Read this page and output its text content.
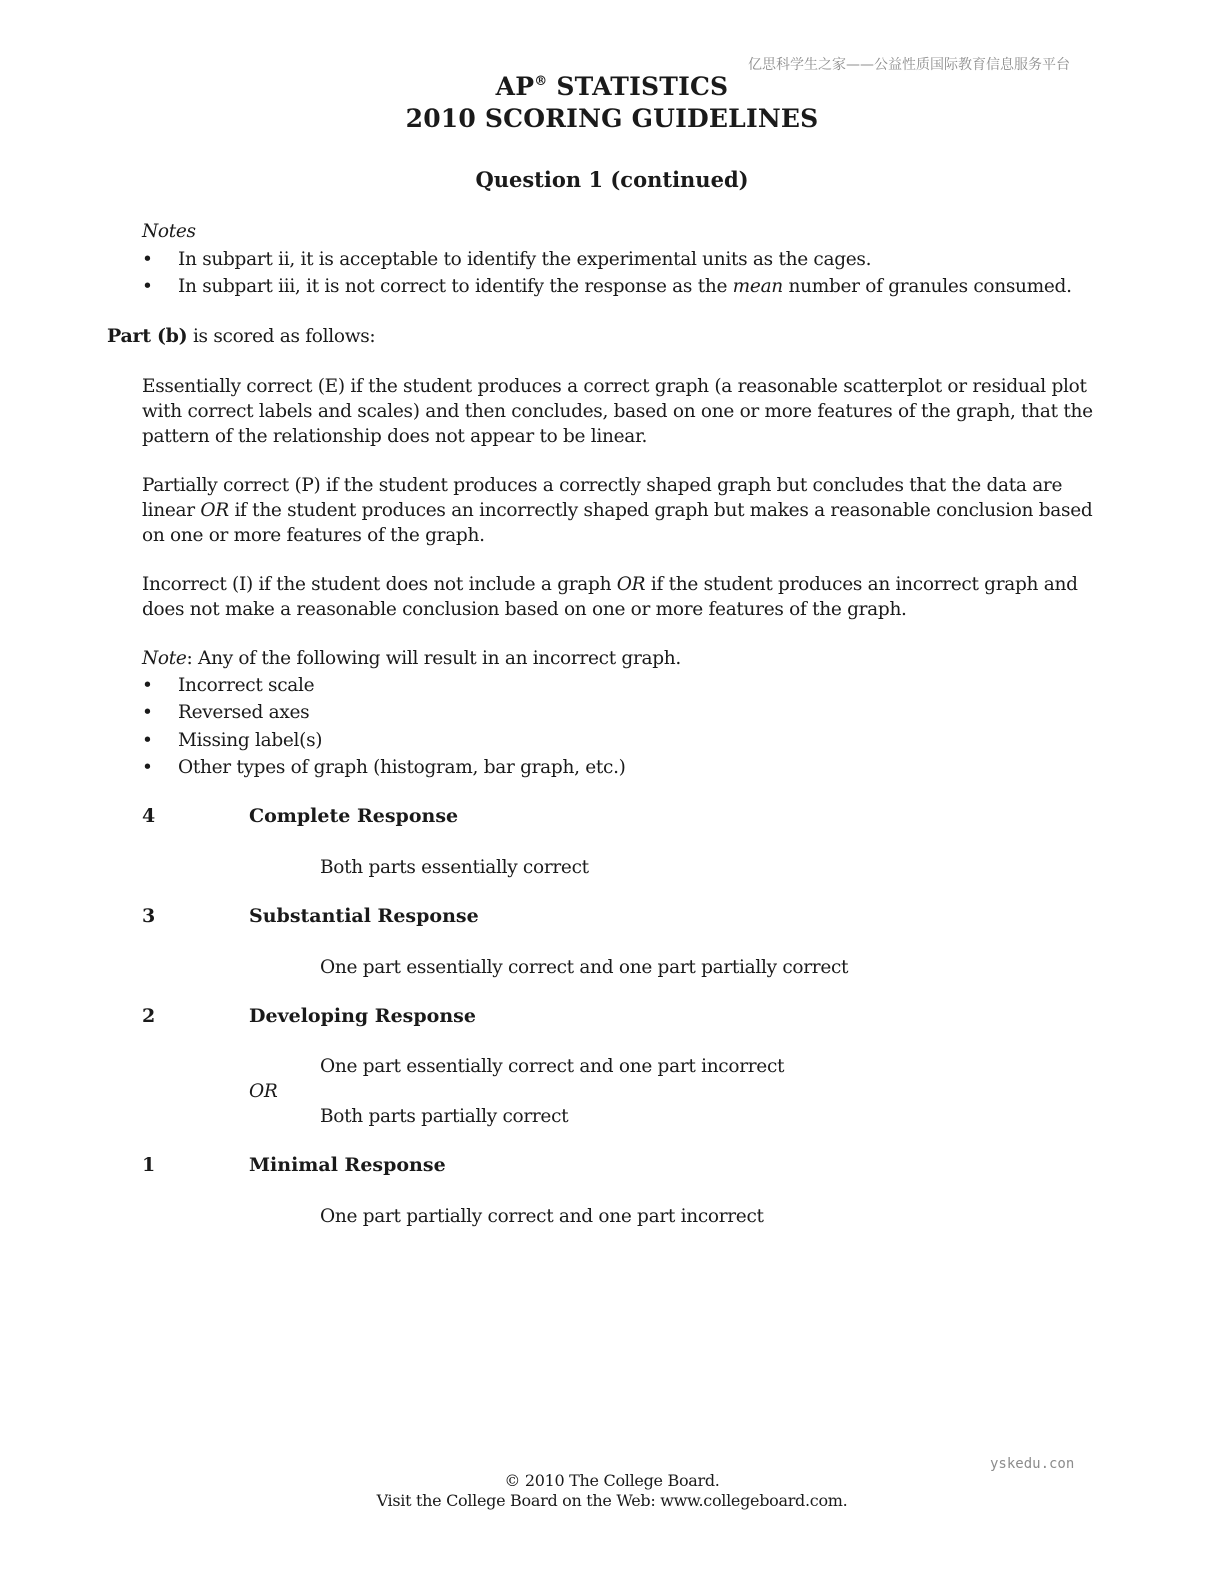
亿思科学生之家——公益性质国际教育信息服务平台
AP® STATISTICS
2010 SCORING GUIDELINES
Question 1 (continued)
Notes
• In subpart ii, it is acceptable to identify the experimental units as the cages.
• In subpart iii, it is not correct to identify the response as the mean number of granules consumed.
Part (b) is scored as follows:
Essentially correct (E) if the student produces a correct graph (a reasonable scatterplot or residual plot with correct labels and scales) and then concludes, based on one or more features of the graph, that the pattern of the relationship does not appear to be linear.
Partially correct (P) if the student produces a correctly shaped graph but concludes that the data are linear OR if the student produces an incorrectly shaped graph but makes a reasonable conclusion based on one or more features of the graph.
Incorrect (I) if the student does not include a graph OR if the student produces an incorrect graph and does not make a reasonable conclusion based on one or more features of the graph.
Note: Any of the following will result in an incorrect graph.
• Incorrect scale
• Reversed axes
• Missing label(s)
• Other types of graph (histogram, bar graph, etc.)
4	Complete Response
Both parts essentially correct
3	Substantial Response
One part essentially correct and one part partially correct
2	Developing Response
One part essentially correct and one part incorrect
OR
Both parts partially correct
1	Minimal Response
One part partially correct and one part incorrect
yskedu.con
© 2010 The College Board.
Visit the College Board on the Web: www.collegeboard.com.
